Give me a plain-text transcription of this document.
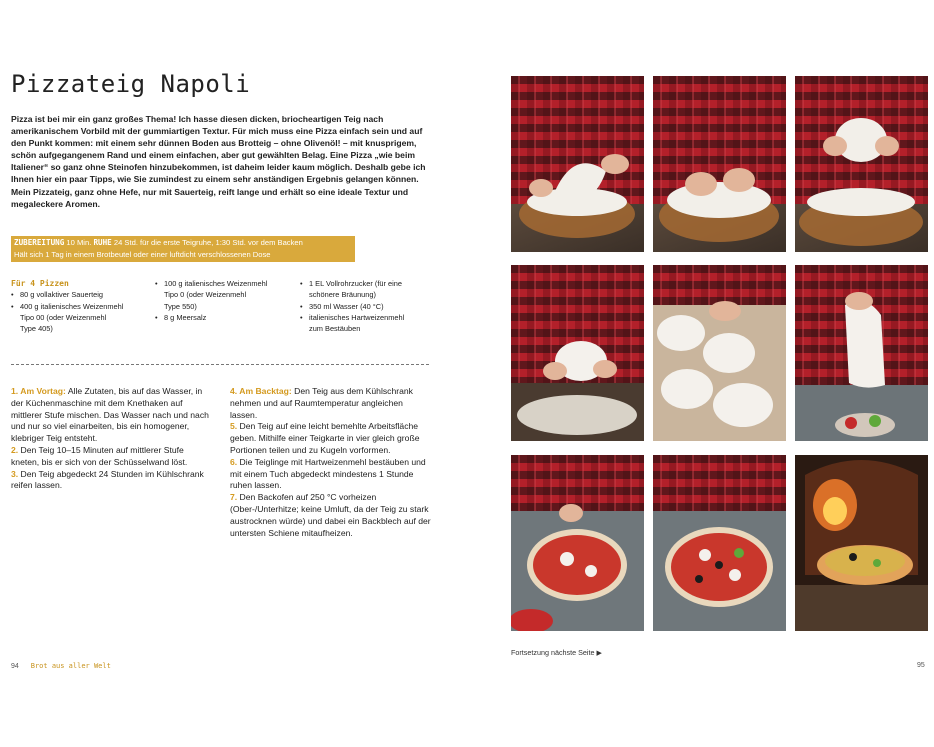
Pizzateig Napoli

Pizza ist bei mir ein ganz großes Thema! Ich hasse diesen dicken, briocheartigen Teig nach amerikanischem Vorbild mit der gummiartigen Textur. Für mich muss eine Pizza einfach sein und auf den Punkt kommen: mit einem sehr dünnen Boden aus Brotteig – ohne Olivenöl! – mit knusprigem, schön aufgegangenem Rand und einem einfachen, aber gut gewählten Belag. Eine Pizza „wie beim Italiener“ so ganz ohne Steinofen hinzubekommen, ist daheim leider kaum möglich. Deshalb gebe ich Ihnen hier ein paar Tipps, wie Sie zumindest zu einem sehr anständigen Ergebnis gelangen können. Mein Pizzateig, ganz ohne Hefe, nur mit Sauerteig, reift lange und erhält so eine ideale Textur und megaleckere Aromen.

ZUBEREITUNG 10 Min. RUHE 24 Std. für die erste Teigruhe, 1:30 Std. vor dem Backen
Hält sich 1 Tag in einem Brotbeutel oder einer luftdicht verschlossenen Dose
Für 4 Pizzen
• 80 g vollaktiver Sauerteig
• 400 g italienisches Weizenmehl
Tipo 00 (oder Weizenmehl
Type 405)
• 100 g italienisches Weizenmehl
Tipo 0 (oder Weizenmehl
Type 550)
• 8 g Meersalz
• 1 EL Vollrohrzucker (für eine
schönere Bräunung)
• 350 ml Wasser (40 °C)
• italienisches Hartweizenmehl
zum Bestäuben

1. Am Vortag: Alle Zutaten, bis auf das Wasser, in der Küchenmaschine mit dem Knethaken auf mittlerer Stufe mischen. Das Wasser nach und nach und nur so viel einarbeiten, bis ein homogener, klebriger Teig entsteht.

2. Den Teig 10–15 Minuten auf mittlerer Stufe kneten, bis er sich von der Schüsselwand löst.

3. Den Teig abgedeckt 24 Stunden im Kühlschrank reifen lassen.

4. Am Backtag: Den Teig aus dem Kühlschrank nehmen und auf Raumtemperatur angleichen lassen.

5. Den Teig auf eine leicht bemehlte Arbeitsfläche geben. Mithilfe einer Teigkarte in vier gleich große Portionen teilen und zu Kugeln vorformen.

6. Die Teiglinge mit Hartweizenmehl bestäuben und mit einem Tuch abgedeckt mindestens 1 Stunde ruhen lassen.

7. Den Backofen auf 250 °C vorheizen (Ober-/Unterhitze; keine Umluft, da der Teig zu stark austrocknen würde) und dabei ein Backblech auf der untersten Schiene mitaufheizen.

Fortsetzung nächste Seite ▶
94 Brot aus aller Welt	95
